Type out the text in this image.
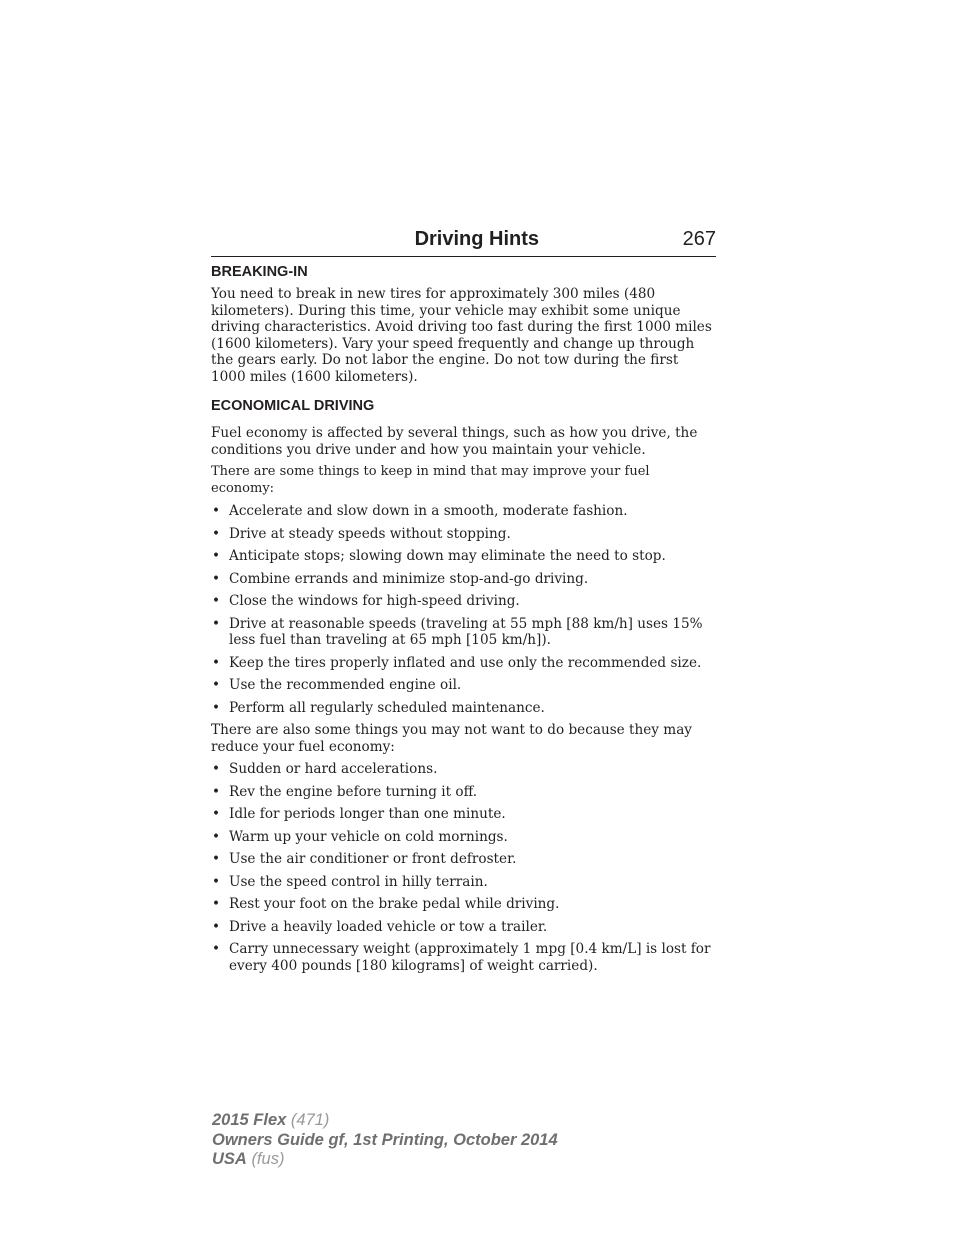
Driving Hints	267
BREAKING-IN

You need to break in new tires for approximately 300 miles (480 kilometers). During this time, your vehicle may exhibit some unique driving characteristics. Avoid driving too fast during the first 1000 miles (1600 kilometers). Vary your speed frequently and change up through the gears early. Do not labor the engine. Do not tow during the first 1000 miles (1600 kilometers).

ECONOMICAL DRIVING

Fuel economy is affected by several things, such as how you drive, the conditions you drive under and how you maintain your vehicle.

There are some things to keep in mind that may improve your fuel economy:

• Accelerate and slow down in a smooth, moderate fashion.
• Drive at steady speeds without stopping.
• Anticipate stops; slowing down may eliminate the need to stop.
• Combine errands and minimize stop-and-go driving.
• Close the windows for high-speed driving.
• Drive at reasonable speeds (traveling at 55 mph [88 km/h] uses 15% less fuel than traveling at 65 mph [105 km/h]).
• Keep the tires properly inflated and use only the recommended size.
• Use the recommended engine oil.
• Perform all regularly scheduled maintenance.

There are also some things you may not want to do because they may reduce your fuel economy:

• Sudden or hard accelerations.
• Rev the engine before turning it off.
• Idle for periods longer than one minute.
• Warm up your vehicle on cold mornings.
• Use the air conditioner or front defroster.
• Use the speed control in hilly terrain.
• Rest your foot on the brake pedal while driving.
• Drive a heavily loaded vehicle or tow a trailer.
• Carry unnecessary weight (approximately 1 mpg [0.4 km/L] is lost for every 400 pounds [180 kilograms] of weight carried).
2015 Flex (471)
Owners Guide gf, 1st Printing, October 2014
USA (fus)
